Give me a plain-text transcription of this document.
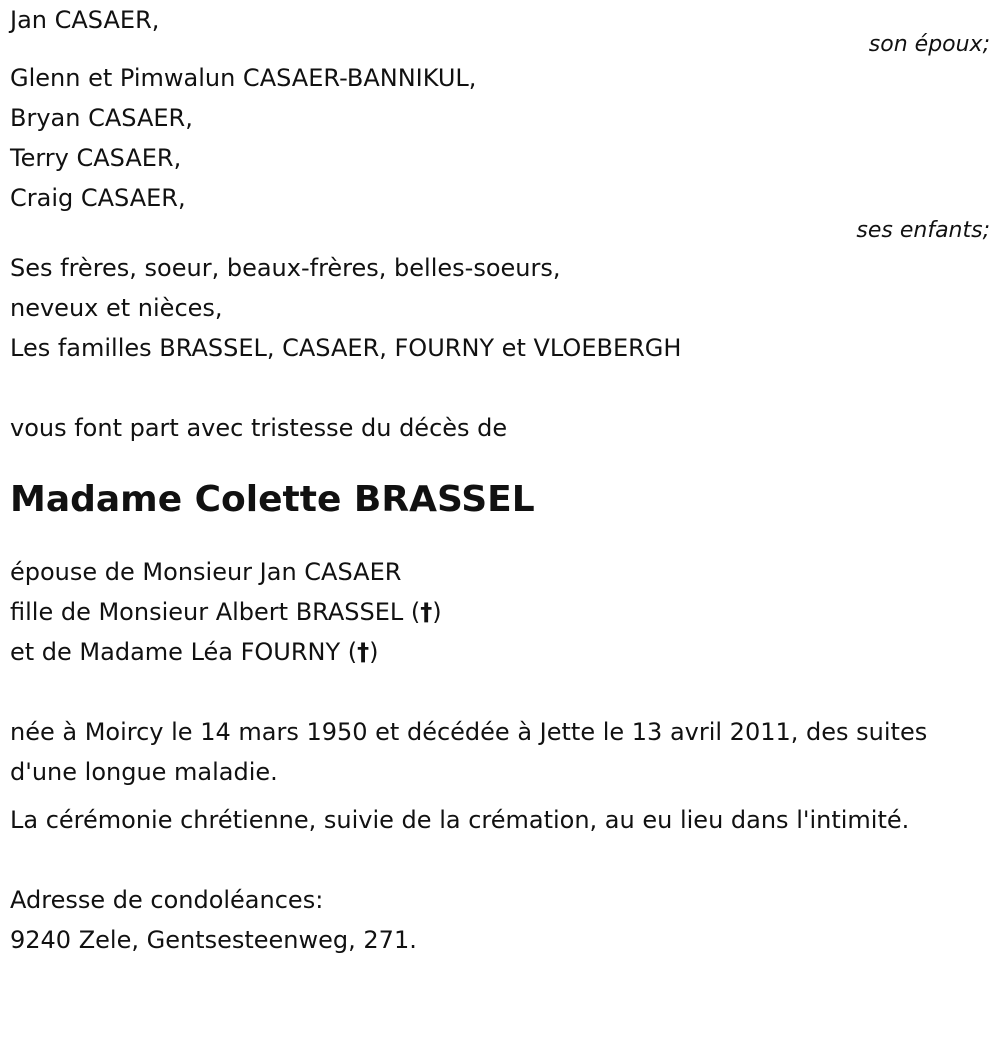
Jan CASAER,
son époux;
Glenn et Pimwalun CASAER-BANNIKUL,
Bryan CASAER,
Terry CASAER,
Craig CASAER,
ses enfants;
Ses frères, soeur, beaux-frères, belles-soeurs,
neveux et nièces,
Les familles BRASSEL, CASAER, FOURNY et VLOEBERGH
vous font part avec tristesse du décès de
Madame Colette BRASSEL
épouse de Monsieur Jan CASAER
fille de Monsieur Albert BRASSEL (†)
et de Madame Léa FOURNY (†)
née à Moircy le 14 mars 1950 et décédée à Jette le 13 avril 2011, des suites d'une longue maladie.
La cérémonie chrétienne, suivie de la crémation, au eu lieu dans l'intimité.
Adresse de condoléances:
9240 Zele, Gentsesteenweg, 271.
